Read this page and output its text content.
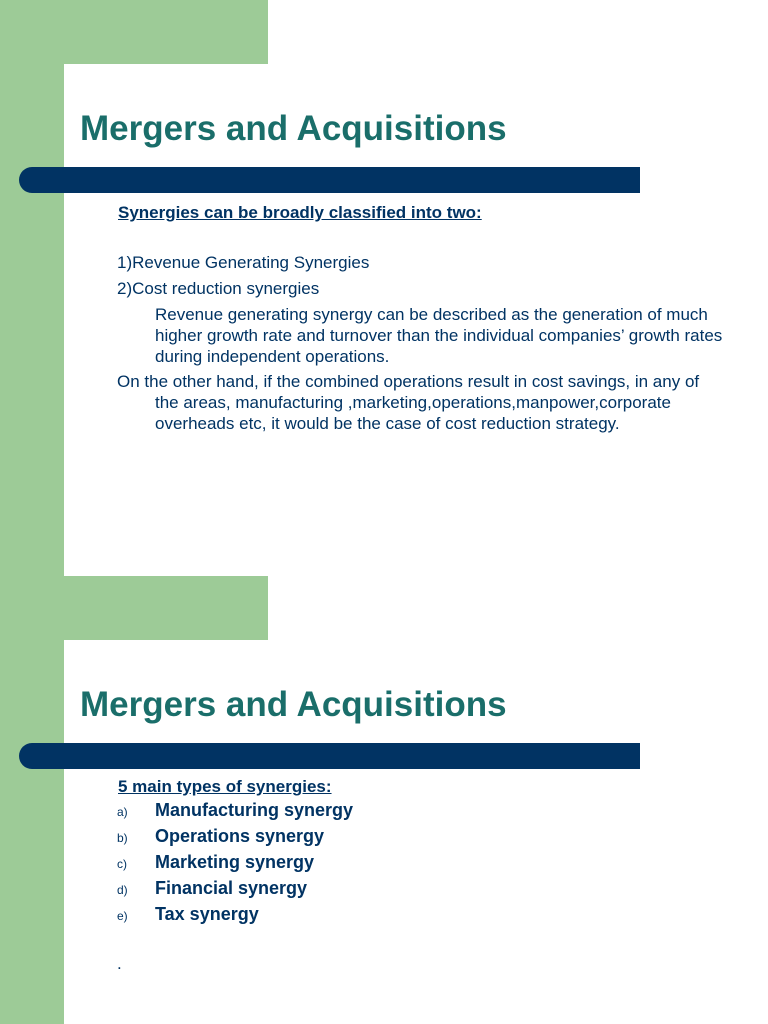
Mergers and Acquisitions
Synergies can be broadly classified into two:
1)Revenue Generating Synergies
2)Cost reduction synergies
Revenue generating synergy can be described as the generation of much higher growth rate and turnover than the individual companies’ growth rates during independent operations.
On the other hand, if the combined operations result in cost savings, in any of the areas, manufacturing ,marketing,operations,manpower,corporate overheads etc, it would be the case of cost reduction strategy.
Mergers and Acquisitions
5 main types of synergies:
a) Manufacturing synergy
b) Operations synergy
c) Marketing synergy
d) Financial synergy
e) Tax synergy
.
